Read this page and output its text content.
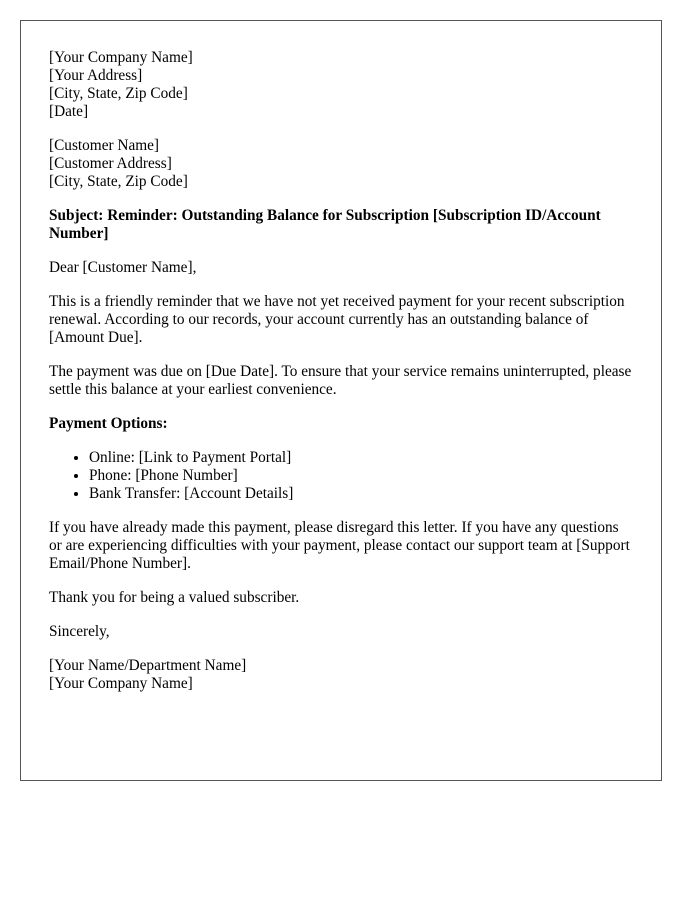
[Your Company Name]
[Your Address]
[City, State, Zip Code]
[Date]
[Customer Name]
[Customer Address]
[City, State, Zip Code]

Subject: Reminder: Outstanding Balance for Subscription [Subscription ID/Account Number]

Dear [Customer Name],

This is a friendly reminder that we have not yet received payment for your recent subscription renewal. According to our records, your account currently has an outstanding balance of [Amount Due].

The payment was due on [Due Date]. To ensure that your service remains uninterrupted, please settle this balance at your earliest convenience.

Payment Options:

• Online: [Link to Payment Portal]
• Phone: [Phone Number]
• Bank Transfer: [Account Details]

If you have already made this payment, please disregard this letter. If you have any questions or are experiencing difficulties with your payment, please contact our support team at [Support Email/Phone Number].

Thank you for being a valued subscriber.

Sincerely,

[Your Name/Department Name]
[Your Company Name]
